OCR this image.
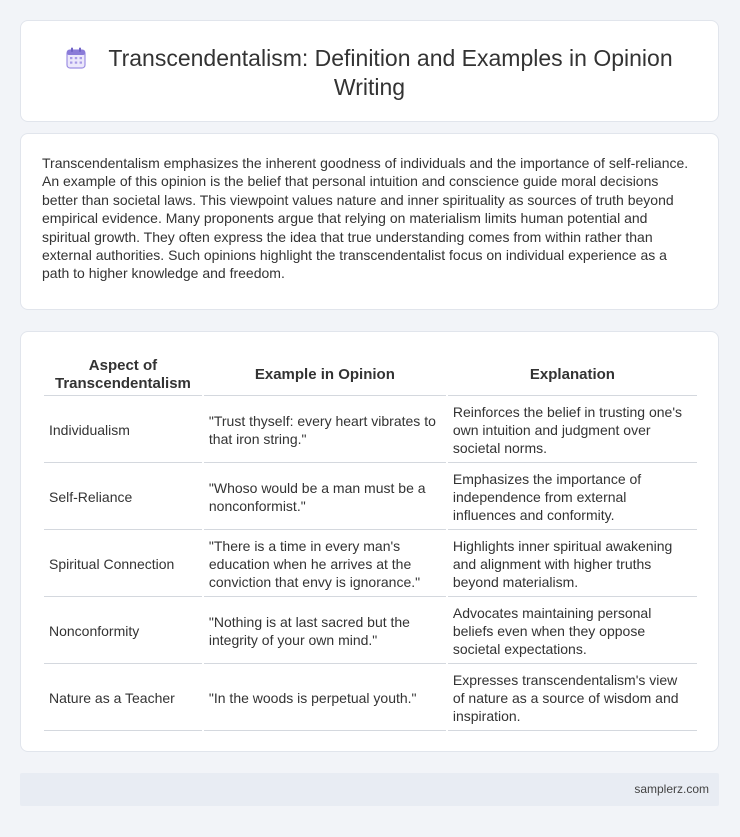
Transcendentalism: Definition and Examples in Opinion Writing

Transcendentalism emphasizes the inherent goodness of individuals and the importance of self-reliance. An example of this opinion is the belief that personal intuition and conscience guide moral decisions better than societal laws. This viewpoint values nature and inner spirituality as sources of truth beyond empirical evidence. Many proponents argue that relying on materialism limits human potential and spiritual growth. They often express the idea that true understanding comes from within rather than external authorities. Such opinions highlight the transcendentalist focus on individual experience as a path to higher knowledge and freedom.

Aspect of Transcendentalism	Example in Opinion	Explanation
Individualism	"Trust thyself: every heart vibrates to that iron string."	Reinforces the belief in trusting one's own intuition and judgment over societal norms.
Self-Reliance	"Whoso would be a man must be a nonconformist."	Emphasizes the importance of independence from external influences and conformity.
Spiritual Connection	"There is a time in every man's education when he arrives at the conviction that envy is ignorance."	Highlights inner spiritual awakening and alignment with higher truths beyond materialism.
Nonconformity	"Nothing is at last sacred but the integrity of your own mind."	Advocates maintaining personal beliefs even when they oppose societal expectations.
Nature as a Teacher	"In the woods is perpetual youth."	Expresses transcendentalism's view of nature as a source of wisdom and inspiration.
samplerz.com
